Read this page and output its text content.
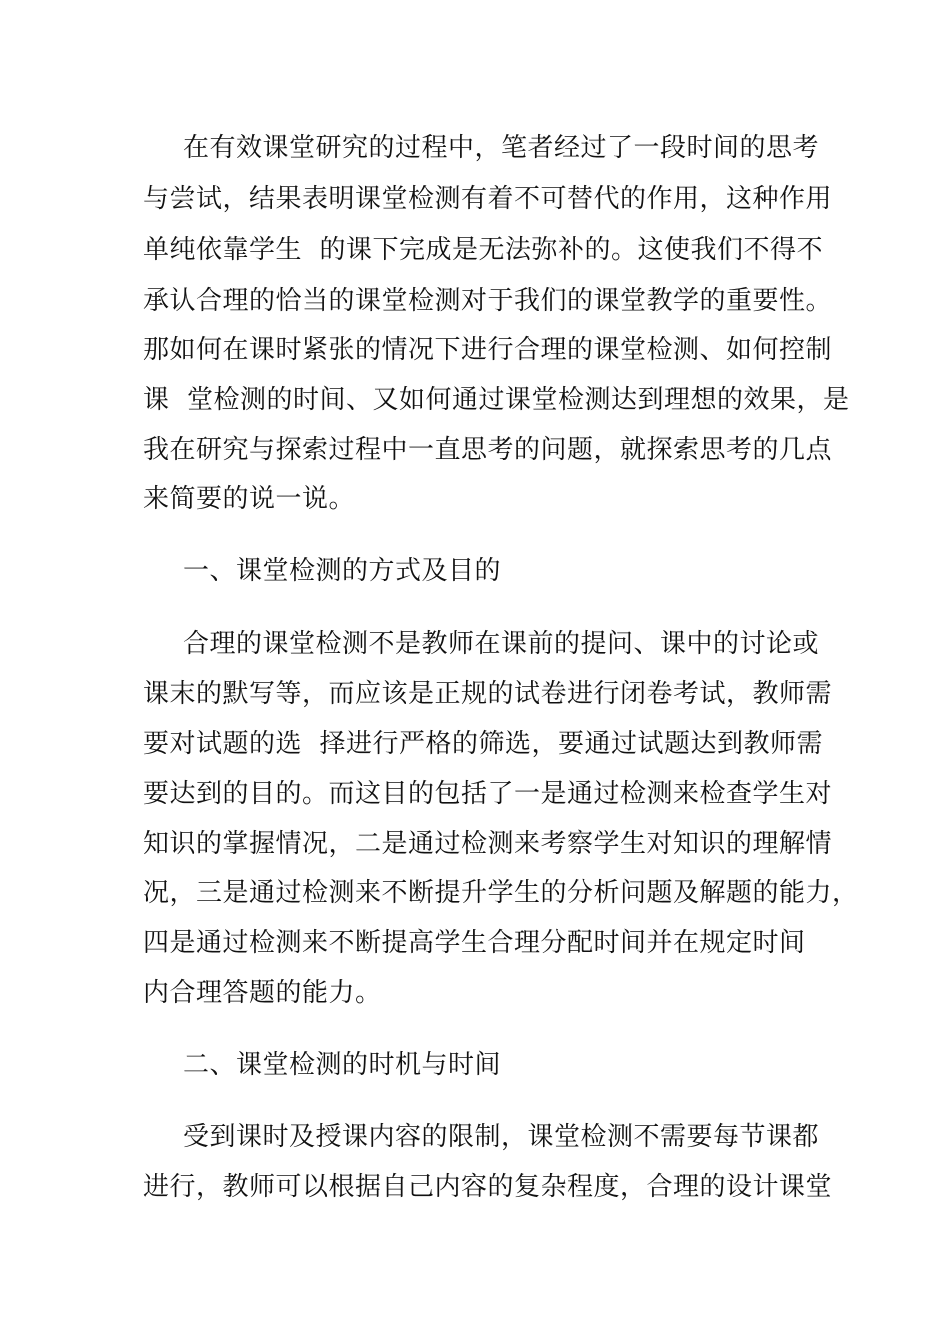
在有效课堂研究的过程中，笔者经过了一段时间的思考
与尝试，结果表明课堂检测有着不可替代的作用，这种作用
单纯依靠学生  的课下完成是无法弥补的。这使我们不得不
承认合理的恰当的课堂检测对于我们的课堂教学的重要性。
那如何在课时紧张的情况下进行合理的课堂检测、如何控制
课  堂检测的时间、又如何通过课堂检测达到理想的效果，是
我在研究与探索过程中一直思考的问题，就探索思考的几点
来简要的说一说。
一、课堂检测的方式及目的
合理的课堂检测不是教师在课前的提问、课中的讨论或
课末的默写等，而应该是正规的试卷进行闭卷考试，教师需
要对试题的选  择进行严格的筛选，要通过试题达到教师需
要达到的目的。而这目的包括了一是通过检测来检查学生对
知识的掌握情况，二是通过检测来考察学生对知识的理解情
况，三是通过检测来不断提升学生的分析问题及解题的能力，
四是通过检测来不断提高学生合理分配时间并在规定时间
内合理答题的能力。
二、课堂检测的时机与时间
受到课时及授课内容的限制，课堂检测不需要每节课都
进行，教师可以根据自己内容的复杂程度，合理的设计课堂
